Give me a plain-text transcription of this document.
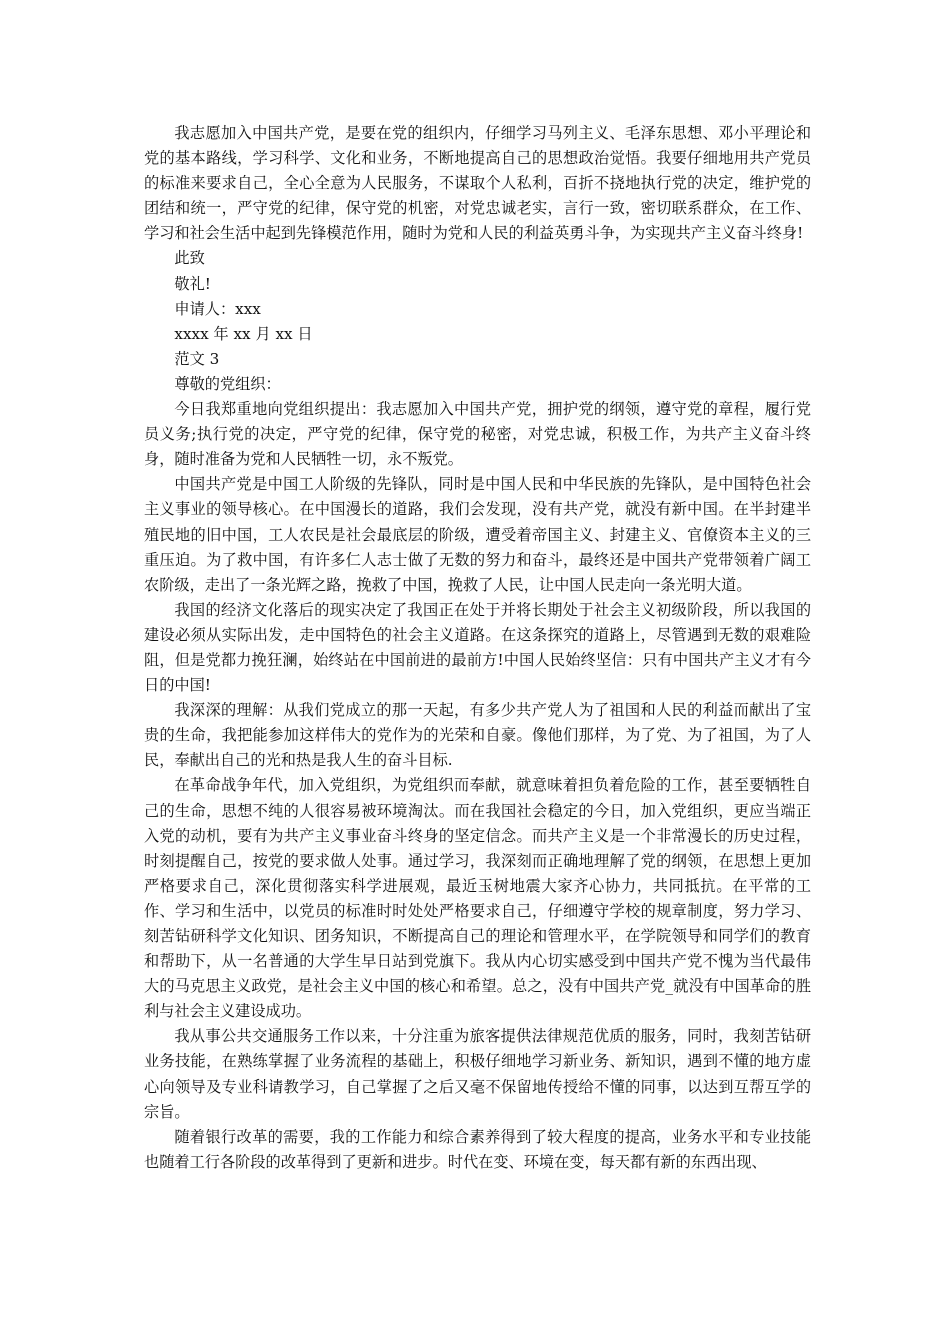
我志愿加入中国共产党，是要在党的组织内，仔细学习马列主义、毛泽东思想、邓小平理论和党的基本路线，学习科学、文化和业务，不断地提高自己的思想政治觉悟。我要仔细地用共产党员的标准来要求自己，全心全意为人民服务，不谋取个人私利，百折不挠地执行党的决定，维护党的团结和统一，严守党的纪律，保守党的机密，对党忠诚老实，言行一致，密切联系群众，在工作、学习和社会生活中起到先锋模范作用，随时为党和人民的利益英勇斗争，为实现共产主义奋斗终身!

此致

敬礼!

申请人：xxx

xxxx 年 xx 月 xx 日

范文 3

尊敬的党组织：

今日我郑重地向党组织提出：我志愿加入中国共产党，拥护党的纲领，遵守党的章程，履行党员义务;执行党的决定，严守党的纪律，保守党的秘密，对党忠诚，积极工作，为共产主义奋斗终身，随时准备为党和人民牺牲一切，永不叛党。

中国共产党是中国工人阶级的先锋队，同时是中国人民和中华民族的先锋队，是中国特色社会主义事业的领导核心。在中国漫长的道路，我们会发现，没有共产党，就没有新中国。在半封建半殖民地的旧中国，工人农民是社会最底层的阶级，遭受着帝国主义、封建主义、官僚资本主义的三重压迫。为了救中国，有许多仁人志士做了无数的努力和奋斗，最终还是中国共产党带领着广阔工农阶级，走出了一条光辉之路，挽救了中国，挽救了人民，让中国人民走向一条光明大道。

我国的经济文化落后的现实决定了我国正在处于并将长期处于社会主义初级阶段，所以我国的建设必须从实际出发，走中国特色的社会主义道路。在这条探究的道路上，尽管遇到无数的艰难险阻，但是党都力挽狂澜，始终站在中国前进的最前方!中国人民始终坚信：只有中国共产主义才有今日的中国!

我深深的理解：从我们党成立的那一天起，有多少共产党人为了祖国和人民的利益而献出了宝贵的生命，我把能参加这样伟大的党作为的光荣和自豪。像他们那样，为了党、为了祖国，为了人民，奉献出自己的光和热是我人生的奋斗目标.

在革命战争年代，加入党组织，为党组织而奉献，就意味着担负着危险的工作，甚至要牺牲自己的生命，思想不纯的人很容易被环境淘汰。而在我国社会稳定的今日，加入党组织，更应当端正入党的动机，要有为共产主义事业奋斗终身的坚定信念。而共产主义是一个非常漫长的历史过程，时刻提醒自己，按党的要求做人处事。通过学习，我深刻而正确地理解了党的纲领，在思想上更加严格要求自己，深化贯彻落实科学进展观，最近玉树地震大家齐心协力，共同抵抗。在平常的工作、学习和生活中，以党员的标准时时处处严格要求自己，仔细遵守学校的规章制度，努力学习、刻苦钻研科学文化知识、团务知识，不断提高自己的理论和管理水平，在学院领导和同学们的教育和帮助下，从一名普通的大学生早日站到党旗下。我从内心切实感受到中国共产党不愧为当代最伟大的马克思主义政党，是社会主义中国的核心和希望。总之，没有中国共产党_就没有中国革命的胜利与社会主义建设成功。

我从事公共交通服务工作以来，十分注重为旅客提供法律规范优质的服务，同时，我刻苦钻研业务技能，在熟练掌握了业务流程的基础上，积极仔细地学习新业务、新知识，遇到不懂的地方虚心向领导及专业科请教学习，自己掌握了之后又毫不保留地传授给不懂的同事，以达到互帮互学的宗旨。

随着银行改革的需要，我的工作能力和综合素养得到了较大程度的提高，业务水平和专业技能也随着工行各阶段的改革得到了更新和进步。时代在变、环境在变，每天都有新的东西出现、
